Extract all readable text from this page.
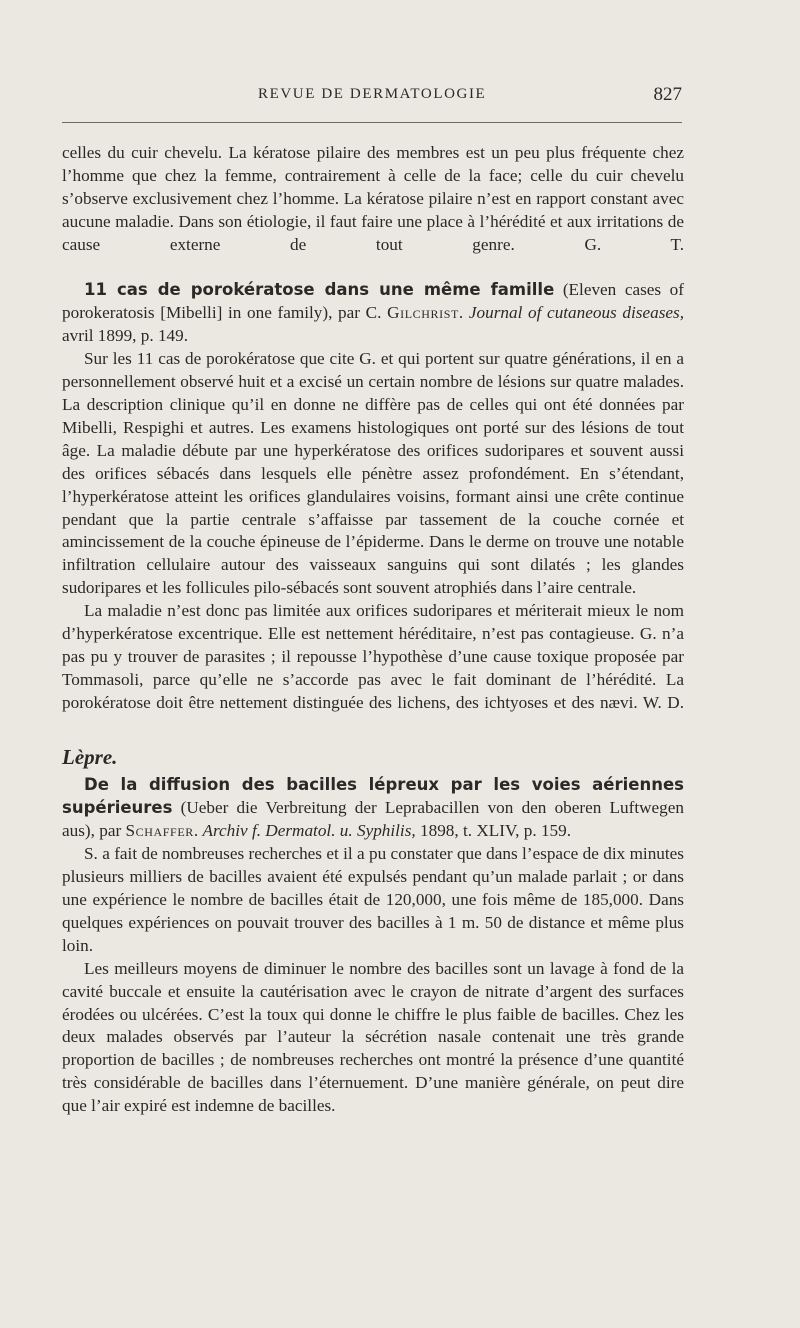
REVUE DE DERMATOLOGIE	827

celles du cuir chevelu. La kératose pilaire des membres est un peu plus fréquente chez l’homme que chez la femme, contrairement à celle de la face; celle du cuir chevelu s’observe exclusivement chez l’homme. La kératose pilaire n’est en rapport constant avec aucune maladie. Dans son étiologie, il faut faire une place à l’hérédité et aux irritations de cause externe de tout genre.	G. T.

11 cas de porokératose dans une même famille (Eleven cases of porokeratosis [Mibelli] in one family), par C. Gilchrist. Journal of cutaneous diseases, avril 1899, p. 149.

Sur les 11 cas de porokératose que cite G. et qui portent sur quatre générations, il en a personnellement observé huit et a excisé un certain nombre de lésions sur quatre malades. La description clinique qu’il en donne ne diffère pas de celles qui ont été données par Mibelli, Respighi et autres. Les examens histologiques ont porté sur des lésions de tout âge. La maladie débute par une hyperkératose des orifices sudoripares et souvent aussi des orifices sébacés dans lesquels elle pénètre assez profondément. En s’étendant, l’hyperkératose atteint les orifices glandulaires voisins, formant ainsi une crête continue pendant que la partie centrale s’affaisse par tassement de la couche cornée et amincissement de la couche épineuse de l’épiderme. Dans le derme on trouve une notable infiltration cellulaire autour des vaisseaux sanguins qui sont dilatés ; les glandes sudoripares et les follicules pilo-sébacés sont souvent atrophiés dans l’aire centrale.

La maladie n’est donc pas limitée aux orifices sudoripares et mériterait mieux le nom d’hyperkératose excentrique. Elle est nettement héréditaire, n’est pas contagieuse. G. n’a pas pu y trouver de parasites ; il repousse l’hypothèse d’une cause toxique proposée par Tommasoli, parce qu’elle ne s’accorde pas avec le fait dominant de l’hérédité. La porokératose doit être nettement distinguée des lichens, des ichtyoses et des nævi. W. D.

Lèpre.

De la diffusion des bacilles lépreux par les voies aériennes supérieures (Ueber die Verbreitung der Leprabacillen von den oberen Luftwegen aus), par Schaffer. Archiv f. Dermatol. u. Syphilis, 1898, t. XLIV, p. 159.

S. a fait de nombreuses recherches et il a pu constater que dans l’espace de dix minutes plusieurs milliers de bacilles avaient été expulsés pendant qu’un malade parlait ; or dans une expérience le nombre de bacilles était de 120,000, une fois même de 185,000. Dans quelques expériences on pouvait trouver des bacilles à 1 m. 50 de distance et même plus loin.

Les meilleurs moyens de diminuer le nombre des bacilles sont un lavage à fond de la cavité buccale et ensuite la cautérisation avec le crayon de nitrate d’argent des surfaces érodées ou ulcérées. C’est la toux qui donne le chiffre le plus faible de bacilles. Chez les deux malades observés par l’auteur la sécrétion nasale contenait une très grande proportion de bacilles ; de nombreuses recherches ont montré la présence d’une quantité très considérable de bacilles dans l’éternuement. D’une manière générale, on peut dire que l’air expiré est indemne de bacilles.
